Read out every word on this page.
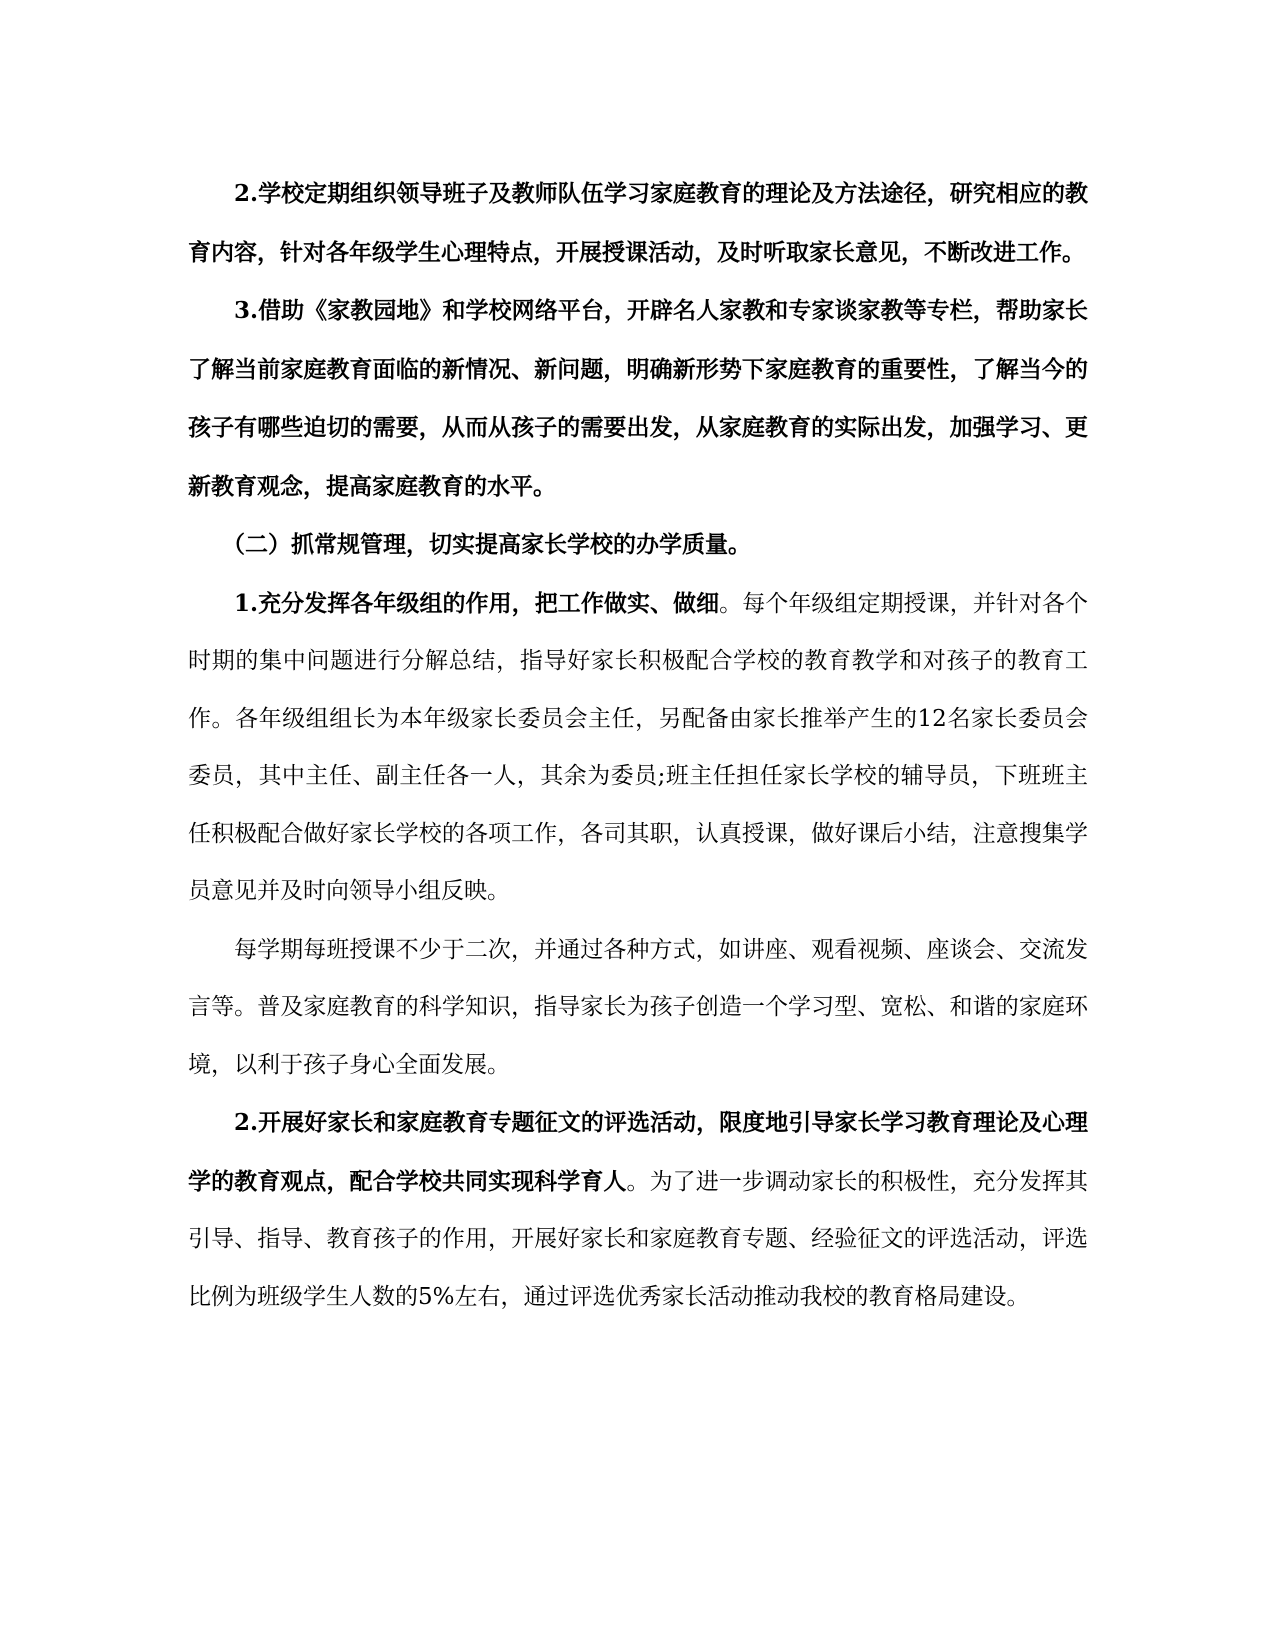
2.学校定期组织领导班子及教师队伍学习家庭教育的理论及方法途径，研究相应的教育内容，针对各年级学生心理特点，开展授课活动，及时听取家长意见，不断改进工作。

3.借助《家教园地》和学校网络平台，开辟名人家教和专家谈家教等专栏，帮助家长了解当前家庭教育面临的新情况、新问题，明确新形势下家庭教育的重要性，了解当今的孩子有哪些迫切的需要，从而从孩子的需要出发，从家庭教育的实际出发，加强学习、更新教育观念，提高家庭教育的水平。

（二）抓常规管理，切实提高家长学校的办学质量。

1.充分发挥各年级组的作用，把工作做实、做细。每个年级组定期授课，并针对各个时期的集中问题进行分解总结，指导好家长积极配合学校的教育教学和对孩子的教育工作。各年级组组长为本年级家长委员会主任，另配备由家长推举产生的12名家长委员会委员，其中主任、副主任各一人，其余为委员;班主任担任家长学校的辅导员，下班班主任积极配合做好家长学校的各项工作，各司其职，认真授课，做好课后小结，注意搜集学员意见并及时向领导小组反映。

每学期每班授课不少于二次，并通过各种方式，如讲座、观看视频、座谈会、交流发言等。普及家庭教育的科学知识，指导家长为孩子创造一个学习型、宽松、和谐的家庭环境，以利于孩子身心全面发展。

2.开展好家长和家庭教育专题征文的评选活动，限度地引导家长学习教育理论及心理学的教育观点，配合学校共同实现科学育人。为了进一步调动家长的积极性，充分发挥其引导、指导、教育孩子的作用，开展好家长和家庭教育专题、经验征文的评选活动，评选比例为班级学生人数的5%左右，通过评选优秀家长活动推动我校的教育格局建设。
